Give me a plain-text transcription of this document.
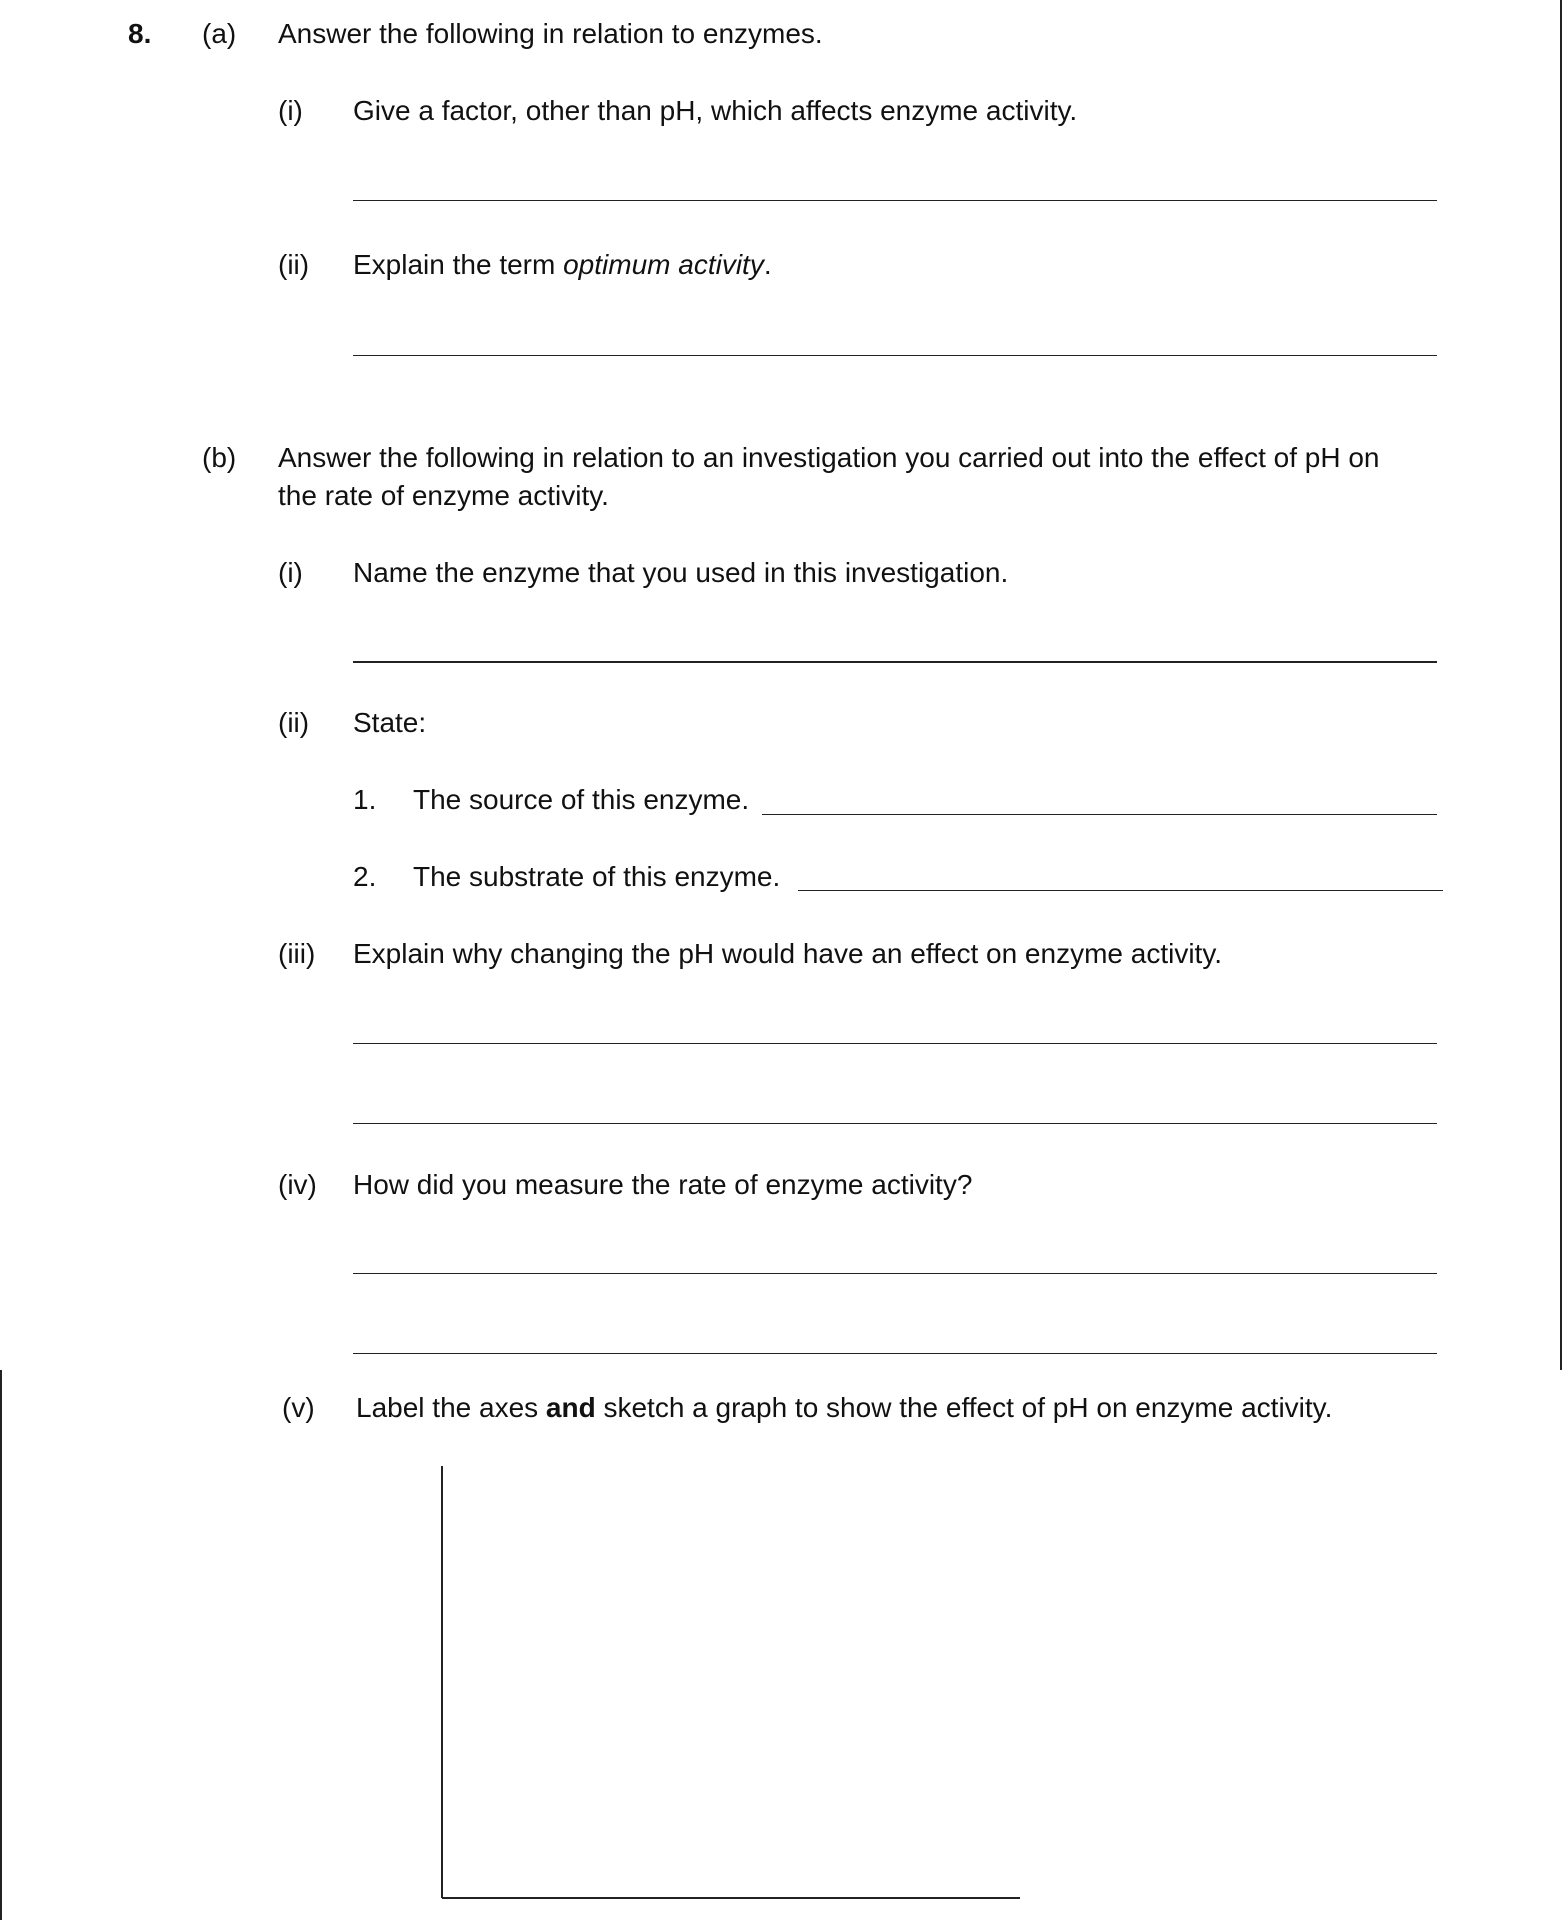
8. (a) Answer the following in relation to enzymes.
(i) Give a factor, other than pH, which affects enzyme activity.
(ii) Explain the term optimum activity.
(b) Answer the following in relation to an investigation you carried out into the effect of pH on
the rate of enzyme activity.
(i) Name the enzyme that you used in this investigation.
(ii) State:
1. The source of this enzyme.
2. The substrate of this enzyme.
(iii) Explain why changing the pH would have an effect on enzyme activity.
(iv) How did you measure the rate of enzyme activity?
(v) Label the axes and sketch a graph to show the effect of pH on enzyme activity.
